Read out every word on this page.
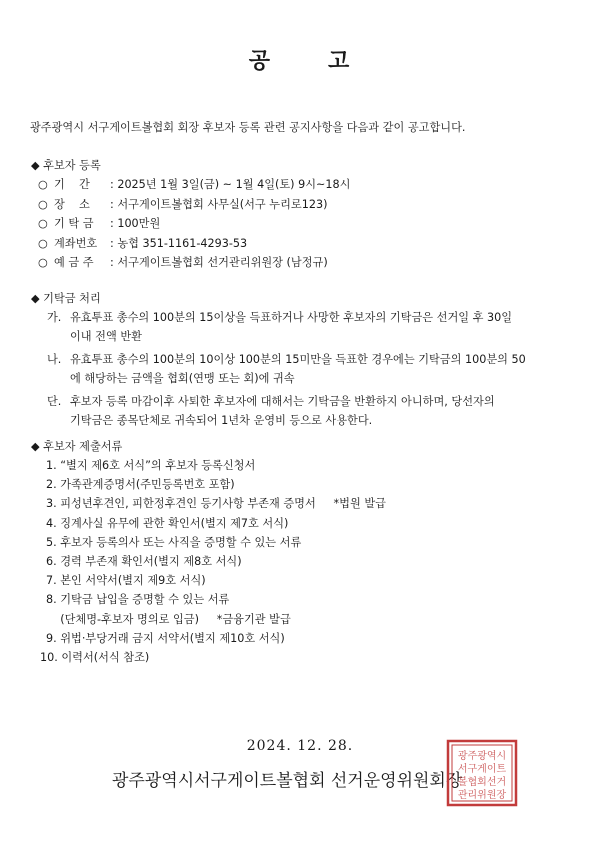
공	고
광주광역시 서구게이트볼협회 회장 후보자 등록 관련 공지사항을 다음과 같이 공고합니다.
◆ 후보자 등록
○ 기    간 : 2025년 1월 3일(금) ~ 1월 4일(토) 9시~18시
○ 장    소 : 서구게이트볼협회 사무실(서구 누리로123)
○ 기 탁 금 : 100만원
○ 계좌번호 : 농협 351-1161-4293-53
○ 예 금 주 : 서구게이트볼협회 선거관리위원장 (남정규)
◆ 기탁금 처리
가. 유효투표 총수의 100분의 15이상을 득표하거나 사망한 후보자의 기탁금은 선거일 후 30일
이내 전액 반환
나. 유효투표 총수의 100분의 10이상 100분의 15미만을 득표한 경우에는 기탁금의 100분의 50
에 해당하는 금액을 협회(연맹 또는 회)에 귀속
단. 후보자 등록 마감이후 사퇴한 후보자에 대해서는 기탁금을 반환하지 아니하며, 당선자의
기탁금은 종목단체로 귀속되어 1년차 운영비 등으로 사용한다.
◆ 후보자 제출서류
1. “별지 제6호 서식”의 후보자 등록신청서
2. 가족관계증명서(주민등록번호 포함)
3. 피성년후견인, 피한정후견인 등기사항 부존재 증명서     *법원 발급
4. 징계사실 유무에 관한 확인서(별지 제7호 서식)
5. 후보자 등록의사 또는 사직을 증명할 수 있는 서류
6. 경력 부존재 확인서(별지 제8호 서식)
7. 본인 서약서(별지 제9호 서식)
8. 기탁금 납입을 증명할 수 있는 서류
(단체명-후보자 명의로 입금)     *금융기관 발급
9. 위법·부당거래 금지 서약서(별지 제10호 서식)
10. 이력서(서식 참조)
2024. 12. 28.
광주광역시서구게이트볼협회 선거운영위원회장
광주광역시
서구게이트
볼협회선거
관리위원장
